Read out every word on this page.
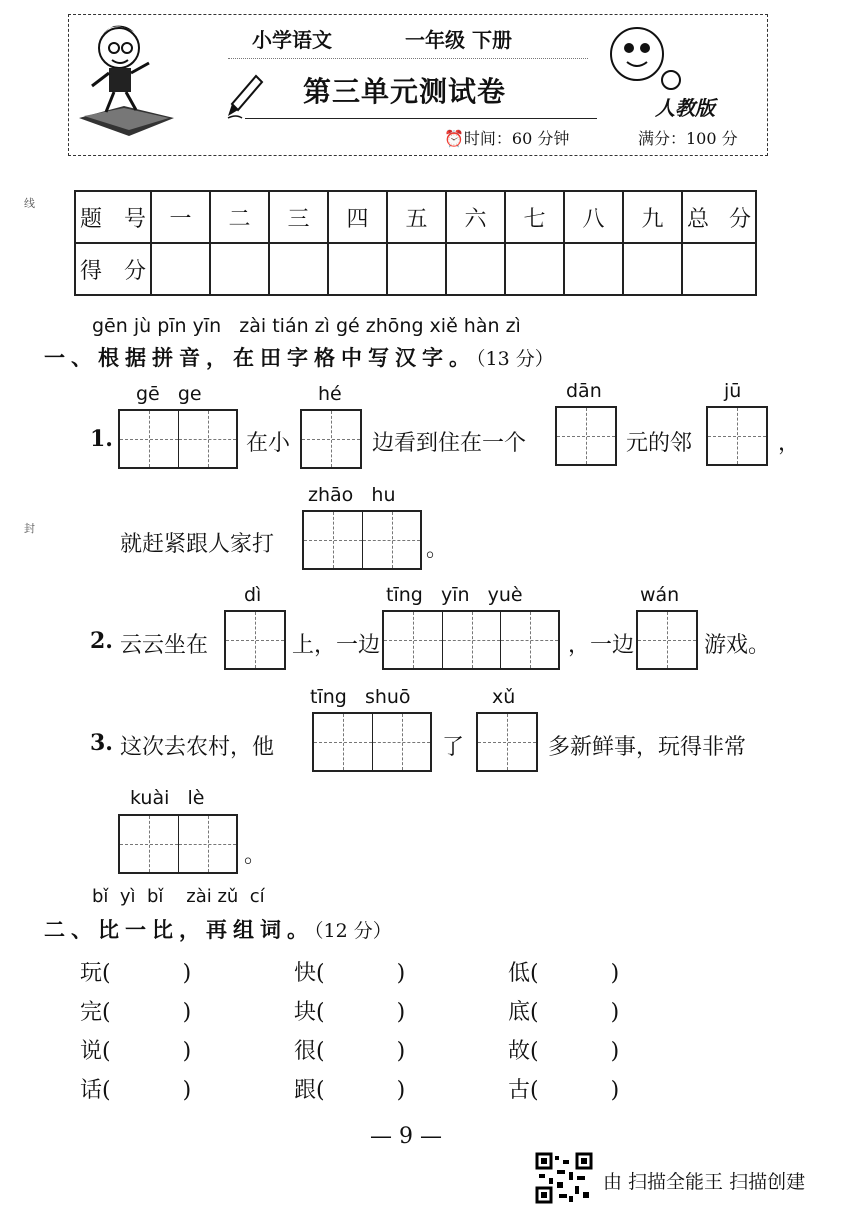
线
封
小学语文	一年级 下册
第三单元测试卷	人教版
⏰时间：60 分钟	满分：100 分
题 号	一	二	三	四	五	六	七	八	九	总 分

得 分										

gēn jù pīn yīn   zài tián zì gé zhōng xiě hàn zì
一、根据拼音，在田字格中写汉字。（13 分）
gē   ge	hé	dān	jū
1.	在小	边看到住在一个	元的邻	，
zhāo   hu
就赶紧跟人家打	。
dì	tīng   yīn   yuè	wán
2. 云云坐在	上，一边	，一边	游戏。
tīng   shuō	xǔ
3. 这次去农村，他	了	多新鲜事，玩得非常
kuài   lè
。
bǐ  yì  bǐ    zài zǔ  cí
二、比一比，再组词。（12 分）
玩(	)	快(	)	低(	)
完(	)	块(	)	底(	)
说(	)	很(	)	故(	)
话(	)	跟(	)	古(	)
— 9 —
由 扫描全能王 扫描创建
